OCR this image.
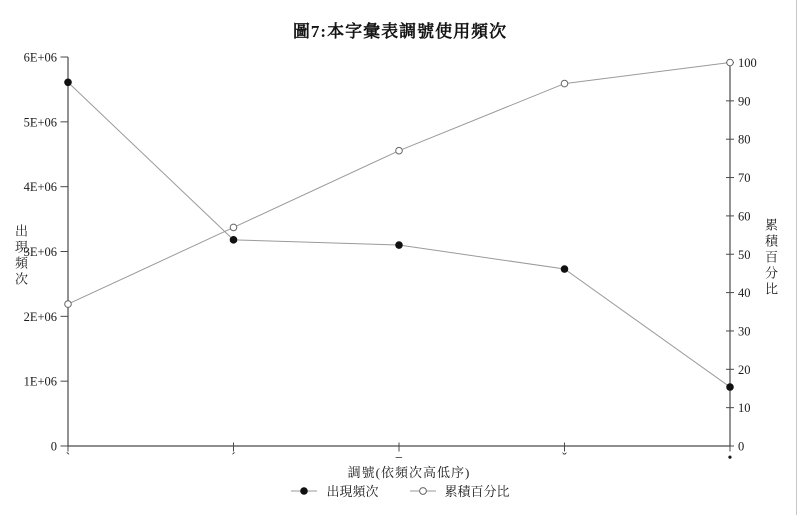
圖7:本字彙表調號使用頻次
出現頻次	累積百分比
0
1E+06
2E+06
3E+06
4E+06
5E+06
6E+06
0
10
20
30
40
50
60
70
80
90
100
ˋ	ˊ	−	ˇ	•
調號(依頻次高低序)
出現頻次	累積百分比
